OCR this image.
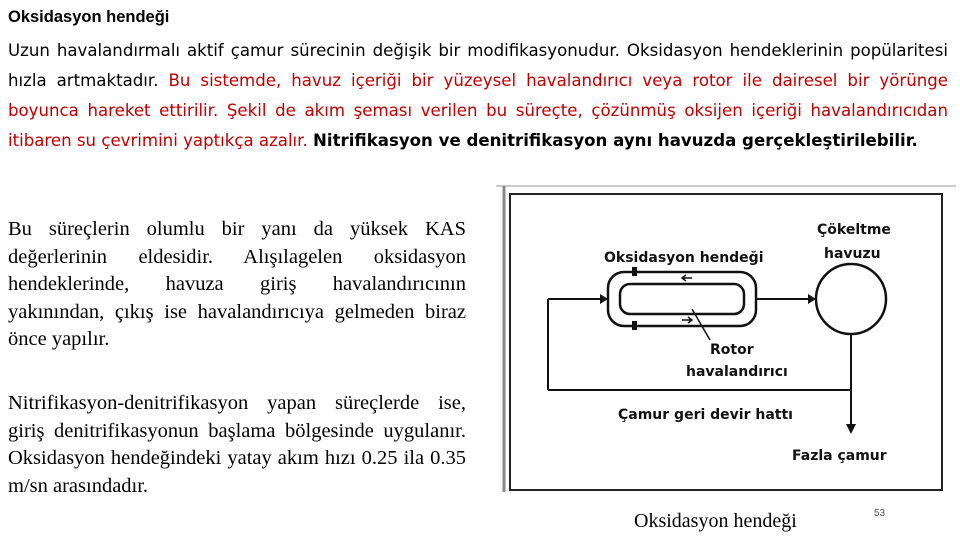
Oksidasyon hendeği
Uzun havalandırmalı aktif çamur sürecinin değişik bir modifikasyonudur. Oksidasyon hendeklerinin popülaritesi hızla artmaktadır. Bu sistemde, havuz içeriği bir yüzeysel havalandırıcı veya rotor ile dairesel bir yörünge boyunca hareket ettirilir. Şekil de akım şeması verilen bu süreçte, çözünmüş oksijen içeriği havalandırıcıdan itibaren su çevrimini yaptıkça azalır. Nitrifikasyon ve denitrifikasyon aynı havuzda gerçekleştirilebilir.
Bu süreçlerin olumlu bir yanı da yüksek KAS değerlerinin eldesidir. Alışılagelen oksidasyon hendeklerinde, havuza giriş havalandırıcının yakınından, çıkış ise havalandırıcıya gelmeden biraz önce yapılır.
Nitrifikasyon-denitrifikasyon yapan süreçlerde ise, giriş denitrifikasyonun başlama bölgesinde uygulanır. Oksidasyon hendeğindeki yatay akım hızı 0.25 ila 0.35 m/sn arasındadır.
Oksidasyon hendeği
Çökeltme
havuzu
Rotor
havalandırıcı
Çamur geri devir hattı
Fazla çamur
Oksidasyon hendeği	53
